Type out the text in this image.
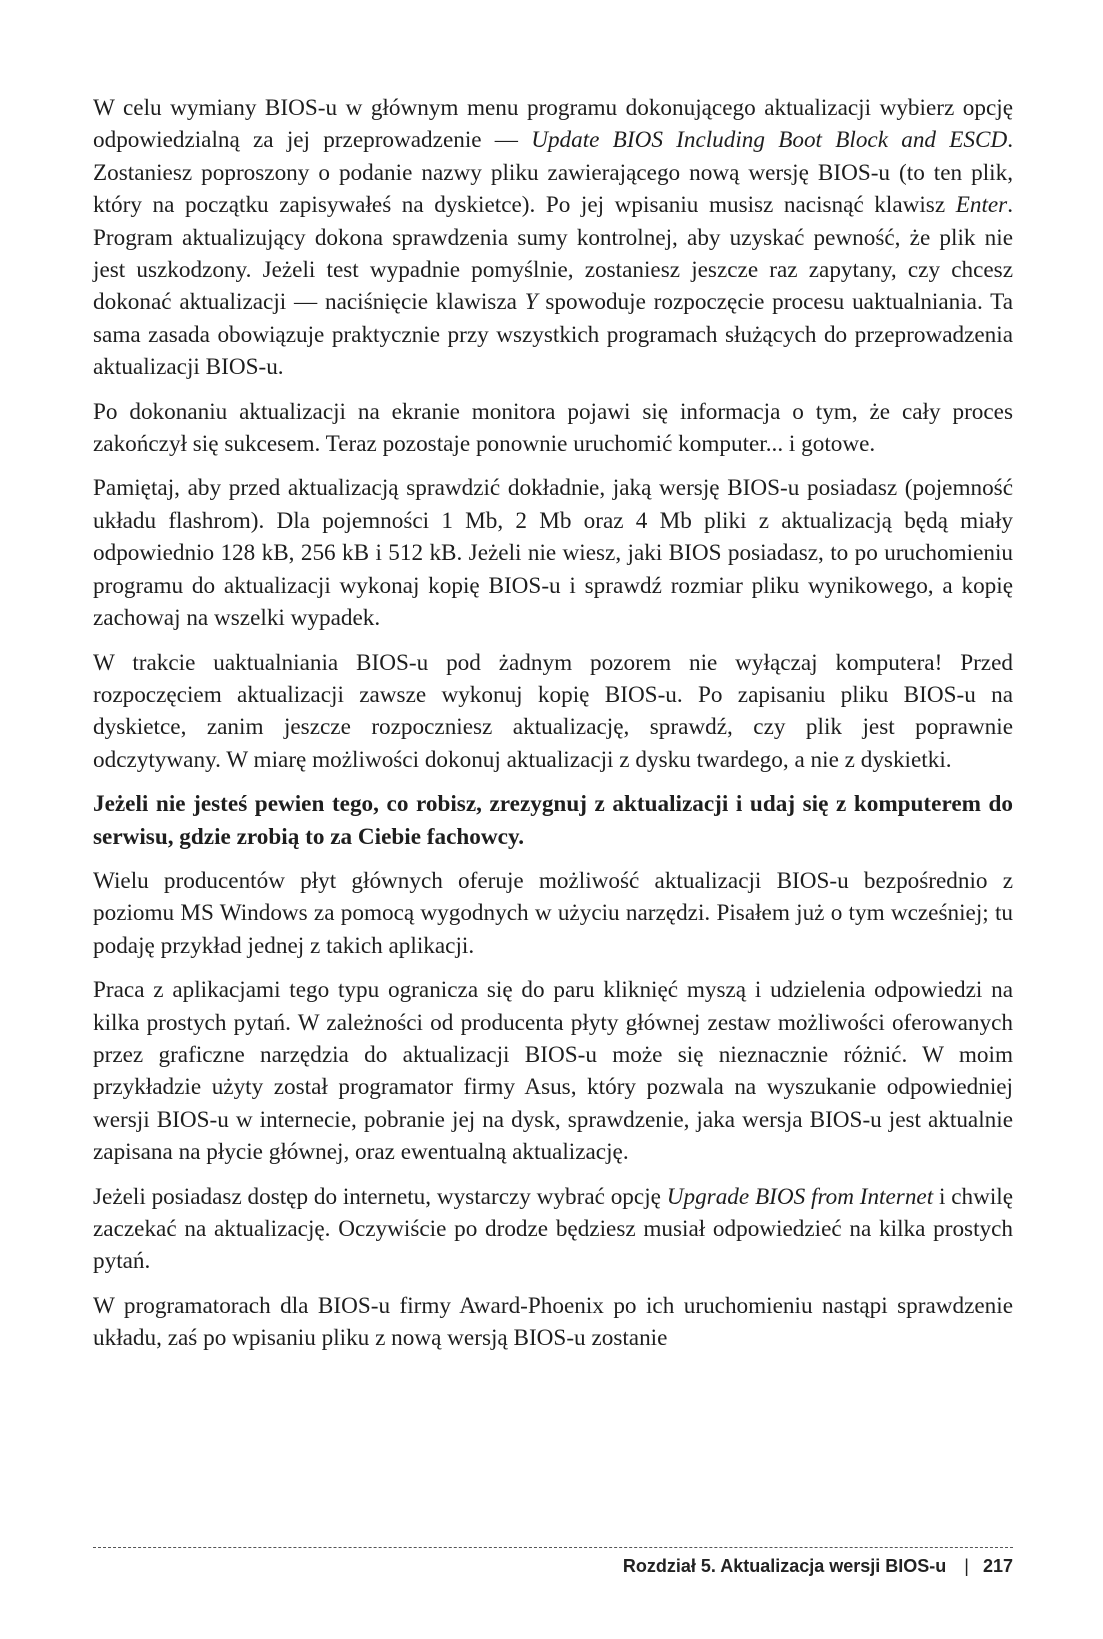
W celu wymiany BIOS-u w głównym menu programu dokonującego aktualizacji wybierz opcję odpowiedzialną za jej przeprowadzenie — Update BIOS Including Boot Block and ESCD. Zostaniesz poproszony o podanie nazwy pliku zawierającego nową wersję BIOS-u (to ten plik, który na początku zapisywałeś na dyskietce). Po jej wpisaniu musisz nacisnąć klawisz Enter. Program aktualizujący dokona sprawdzenia sumy kontrolnej, aby uzyskać pewność, że plik nie jest uszkodzony. Jeżeli test wypadnie pomyślnie, zostaniesz jeszcze raz zapytany, czy chcesz dokonać aktualizacji — naciśnięcie klawisza Y spowoduje rozpoczęcie procesu uaktualniania. Ta sama zasada obowiązuje praktycznie przy wszystkich programach służących do przeprowadzenia aktualizacji BIOS-u.

Po dokonaniu aktualizacji na ekranie monitora pojawi się informacja o tym, że cały proces zakończył się sukcesem. Teraz pozostaje ponownie uruchomić komputer... i gotowe.

Pamiętaj, aby przed aktualizacją sprawdzić dokładnie, jaką wersję BIOS-u posiadasz (pojemność układu flashrom). Dla pojemności 1 Mb, 2 Mb oraz 4 Mb pliki z aktualizacją będą miały odpowiednio 128 kB, 256 kB i 512 kB. Jeżeli nie wiesz, jaki BIOS posiadasz, to po uruchomieniu programu do aktualizacji wykonaj kopię BIOS-u i sprawdź rozmiar pliku wynikowego, a kopię zachowaj na wszelki wypadek.

W trakcie uaktualniania BIOS-u pod żadnym pozorem nie wyłączaj komputera! Przed rozpoczęciem aktualizacji zawsze wykonuj kopię BIOS-u. Po zapisaniu pliku BIOS-u na dyskietce, zanim jeszcze rozpoczniesz aktualizację, sprawdź, czy plik jest poprawnie odczytywany. W miarę możliwości dokonuj aktualizacji z dysku twardego, a nie z dyskietki.

Jeżeli nie jesteś pewien tego, co robisz, zrezygnuj z aktualizacji i udaj się z komputerem do serwisu, gdzie zrobią to za Ciebie fachowcy.

Wielu producentów płyt głównych oferuje możliwość aktualizacji BIOS-u bezpośrednio z poziomu MS Windows za pomocą wygodnych w użyciu narzędzi. Pisałem już o tym wcześniej; tu podaję przykład jednej z takich aplikacji.

Praca z aplikacjami tego typu ogranicza się do paru kliknięć myszą i udzielenia odpowiedzi na kilka prostych pytań. W zależności od producenta płyty głównej zestaw możliwości oferowanych przez graficzne narzędzia do aktualizacji BIOS-u może się nieznacznie różnić. W moim przykładzie użyty został programator firmy Asus, który pozwala na wyszukanie odpowiedniej wersji BIOS-u w internecie, pobranie jej na dysk, sprawdzenie, jaka wersja BIOS-u jest aktualnie zapisana na płycie głównej, oraz ewentualną aktualizację.

Jeżeli posiadasz dostęp do internetu, wystarczy wybrać opcję Upgrade BIOS from Internet i chwilę zaczekać na aktualizację. Oczywiście po drodze będziesz musiał odpowiedzieć na kilka prostych pytań.

W programatorach dla BIOS-u firmy Award-Phoenix po ich uruchomieniu nastąpi sprawdzenie układu, zaś po wpisaniu pliku z nową wersją BIOS-u zostanie

Rozdział 5. Aktualizacja wersji BIOS-u | 217
